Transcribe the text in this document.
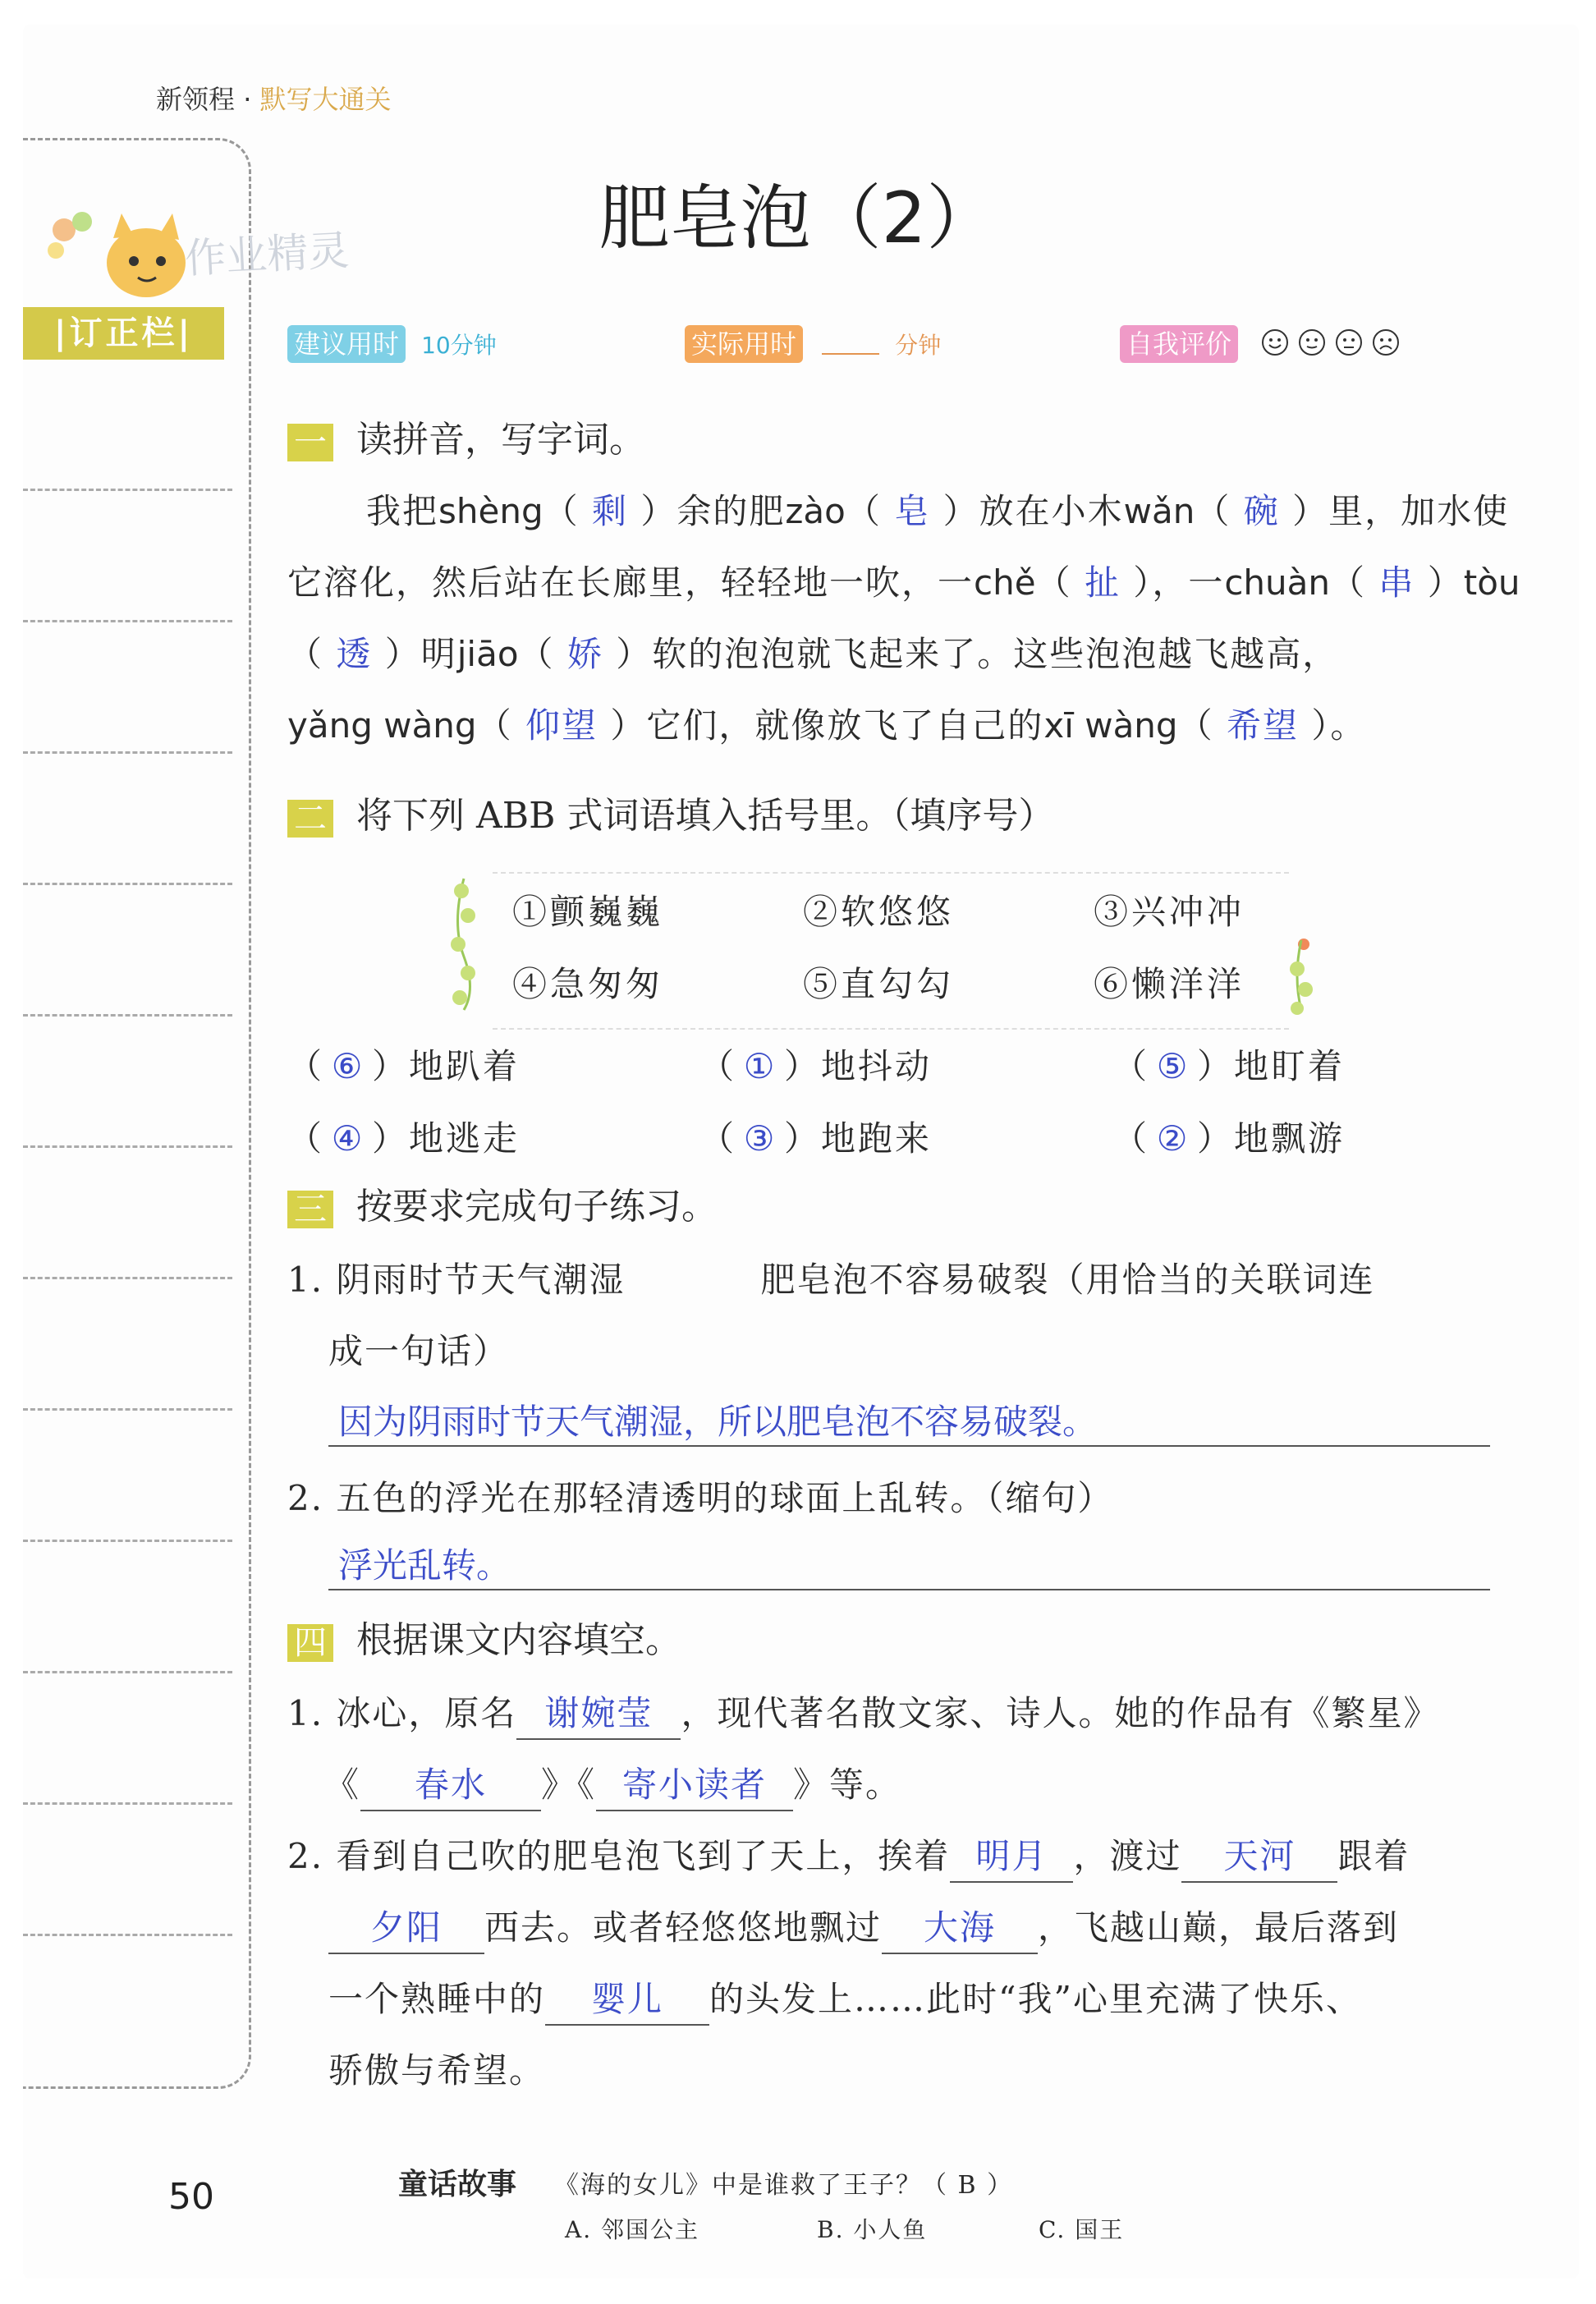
新领程 · 默写大通关
作业精灵
|订正栏|
肥皂泡（2）
建议用时 10分钟	实际用时	分钟	自我评价
一 读拼音，写字词。
我把shèng（ 剩 ）余的肥zào（ 皂 ）放在小木wǎn（ 碗 ）里，加水使
它溶化，然后站在长廊里，轻轻地一吹，一chě（ 扯 ），一chuàn（ 串 ）tòu
（ 透 ）明jiāo（ 娇 ）软的泡泡就飞起来了。这些泡泡越飞越高，
yǎng wàng（ 仰望 ）它们，就像放飞了自己的xī wàng（ 希望 ）。
二 将下列 ABB 式词语填入括号里。（填序号）
①颤巍巍	②软悠悠	③兴冲冲
④急匆匆	⑤直勾勾	⑥懒洋洋
（ ⑥ ）地趴着	（ ① ）地抖动	（ ⑤ ）地盯着
（ ④ ）地逃走	（ ③ ）地跑来	（ ② ）地飘游
三 按要求完成句子练习。
1. 阴雨时节天气潮湿	肥皂泡不容易破裂（用恰当的关联词连
成一句话）
因为阴雨时节天气潮湿，所以肥皂泡不容易破裂。
2. 五色的浮光在那轻清透明的球面上乱转。（缩句）
浮光乱转。
四 根据课文内容填空。
1. 冰心，原名 谢婉莹 ，现代著名散文家、诗人。她的作品有《繁星》
《 春水 》《 寄小读者 》等。
2. 看到自己吹的肥皂泡飞到了天上，挨着 明月 ，渡过 天河 跟着
夕阳 西去。或者轻悠悠地飘过 大海 ，飞越山巅，最后落到
一个熟睡中的 婴儿 的头发上……此时“我”心里充满了快乐、
骄傲与希望。
50	童话故事 《海的女儿》中是谁救了王子？（ B ）
A. 邻国公主	B. 小人鱼	C. 国王
